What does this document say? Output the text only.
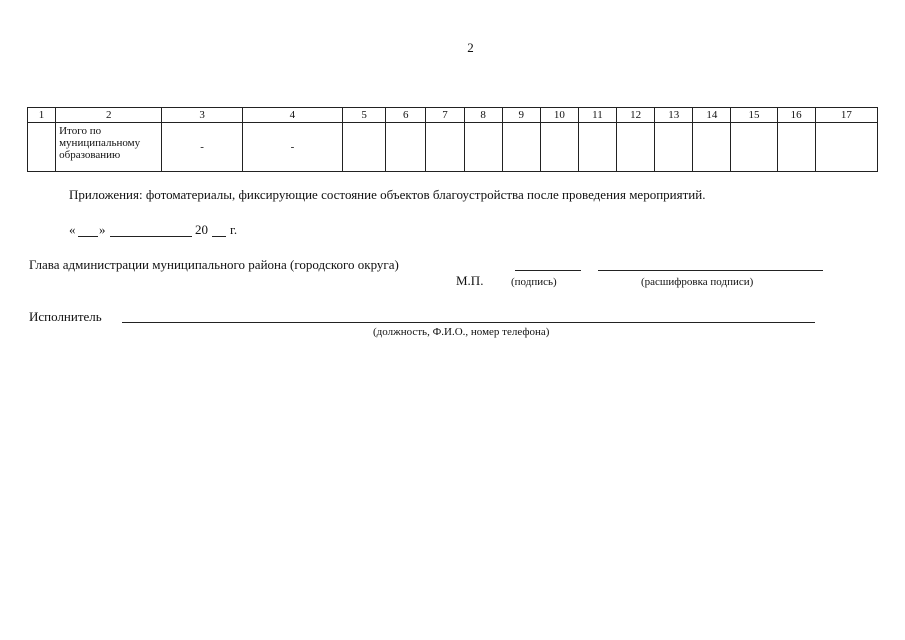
2
1	2	3	4	5	6	7	8	9	10	11	12	13	14	15	16	17
	Итого по муниципальному образованию	-	-													
Приложения: фотоматериалы, фиксирующие состояние объектов благоустройства после проведения мероприятий.
« »	20 г.
Глава администрации муниципального района (городского округа)
М.П.	(подпись)	(расшифровка подписи)
Исполнитель
(должность, Ф.И.О., номер телефона)
